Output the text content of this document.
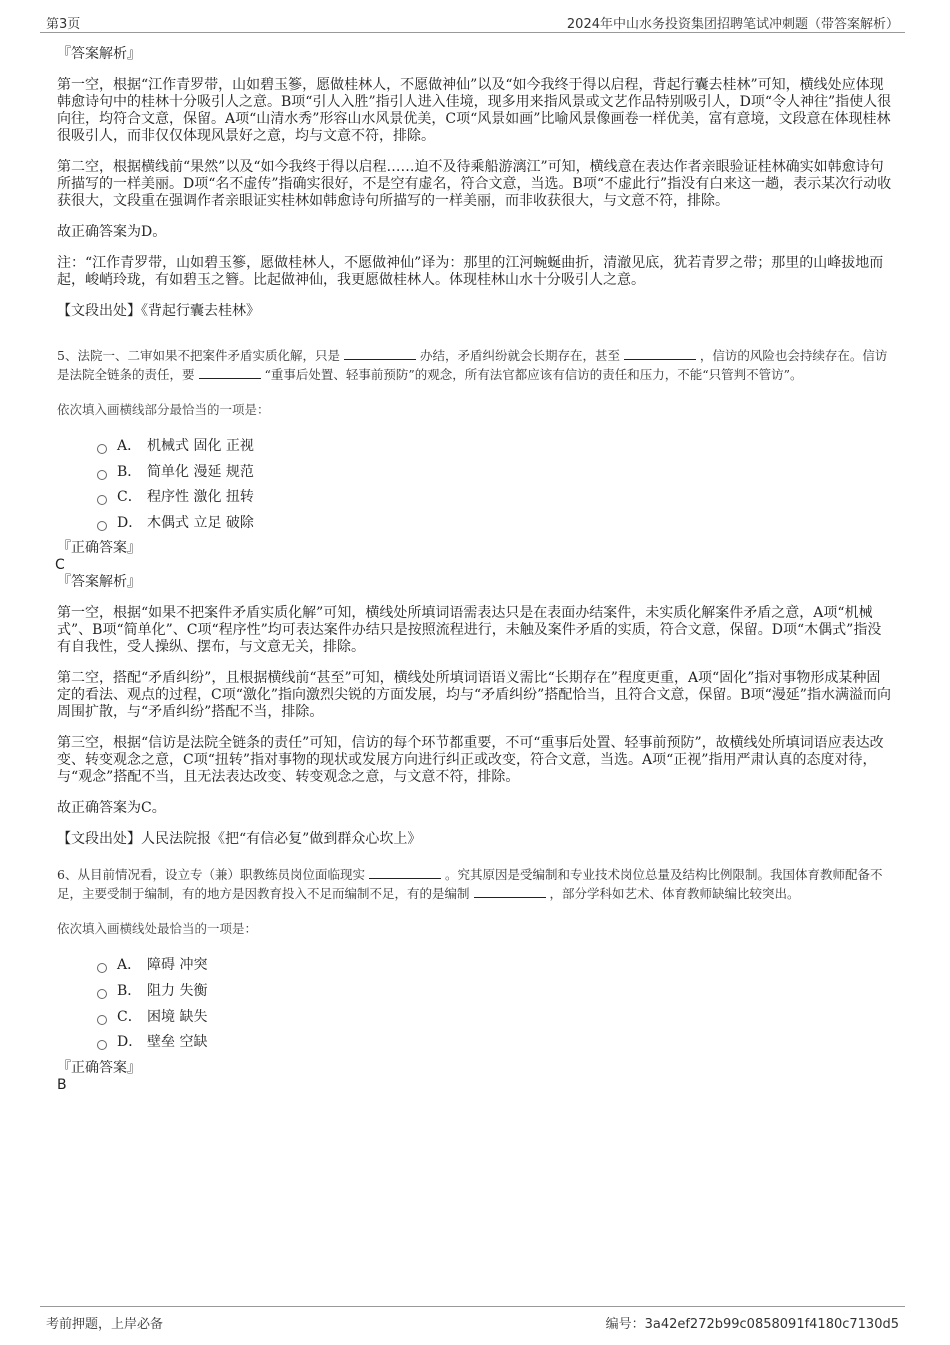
第3页	2024年中山水务投资集团招聘笔试冲刺题（带答案解析）

『答案解析』

第一空，根据“江作青罗带，山如碧玉篸，愿做桂林人，不愿做神仙”以及“如今我终于得以启程，背起行囊去桂林”可知，横线处应体现韩愈诗句中的桂林十分吸引人之意。B项“引人入胜”指引人进入佳境，现多用来指风景或文艺作品特别吸引人，D项“令人神往”指使人很向往，均符合文意，保留。A项“山清水秀”形容山水风景优美，C项“风景如画”比喻风景像画卷一样优美，富有意境，文段意在体现桂林很吸引人，而非仅仅体现风景好之意，均与文意不符，排除。

第二空，根据横线前“果然”以及“如今我终于得以启程……迫不及待乘船游漓江”可知，横线意在表达作者亲眼验证桂林确实如韩愈诗句所描写的一样美丽。D项“名不虚传”指确实很好，不是空有虚名，符合文意，当选。B项“不虚此行”指没有白来这一趟，表示某次行动收获很大，文段重在强调作者亲眼证实桂林如韩愈诗句所描写的一样美丽，而非收获很大，与文意不符，排除。

故正确答案为D。

注：“江作青罗带，山如碧玉篸，愿做桂林人，不愿做神仙”译为：那里的江河蜿蜒曲折，清澈见底，犹若青罗之带；那里的山峰拔地而起，峻峭玲珑，有如碧玉之簪。比起做神仙，我更愿做桂林人。体现桂林山水十分吸引人之意。

【文段出处】《背起行囊去桂林》

5、法院一、二审如果不把案件矛盾实质化解，只是	办结，矛盾纠纷就会长期存在，甚至	，信访的风险也会持续存在。信访是法院全链条的责任，要	“重事后处置、轻事前预防”的观念，所有法官都应该有信访的责任和压力，不能“只管判不管访”。

依次填入画横线部分最恰当的一项是：

A． 机械式 固化 正视
B． 简单化 漫延 规范
C． 程序性 激化 扭转
D． 木偶式 立足 破除

『正确答案』

C

『答案解析』

第一空，根据“如果不把案件矛盾实质化解”可知，横线处所填词语需表达只是在表面办结案件，未实质化解案件矛盾之意，A项“机械式”、B项“简单化”、C项“程序性”均可表达案件办结只是按照流程进行，未触及案件矛盾的实质，符合文意，保留。D项“木偶式”指没有自我性，受人操纵、摆布，与文意无关，排除。

第二空，搭配“矛盾纠纷”，且根据横线前“甚至”可知，横线处所填词语语义需比“长期存在”程度更重，A项“固化”指对事物形成某种固定的看法、观点的过程，C项“激化”指向激烈尖锐的方面发展，均与“矛盾纠纷”搭配恰当，且符合文意，保留。B项“漫延”指水满溢而向周围扩散，与“矛盾纠纷”搭配不当，排除。

第三空，根据“信访是法院全链条的责任”可知，信访的每个环节都重要，不可“重事后处置、轻事前预防”，故横线处所填词语应表达改变、转变观念之意，C项“扭转”指对事物的现状或发展方向进行纠正或改变，符合文意，当选。A项“正视”指用严肃认真的态度对待，与“观念”搭配不当，且无法表达改变、转变观念之意，与文意不符，排除。

故正确答案为C。

【文段出处】人民法院报《把“有信必复”做到群众心坎上》

6、从目前情况看，设立专（兼）职教练员岗位面临现实	。究其原因是受编制和专业技术岗位总量及结构比例限制。我国体育教师配备不足，主要受制于编制，有的地方是因教育投入不足而编制不足，有的是编制	，部分学科如艺术、体育教师缺编比较突出。

依次填入画横线处最恰当的一项是：

A． 障碍 冲突
B． 阻力 失衡
C． 困境 缺失
D． 壁垒 空缺

『正确答案』

B

考前押题，上岸必备	编号：3a42ef272b99c0858091f4180c7130d5
